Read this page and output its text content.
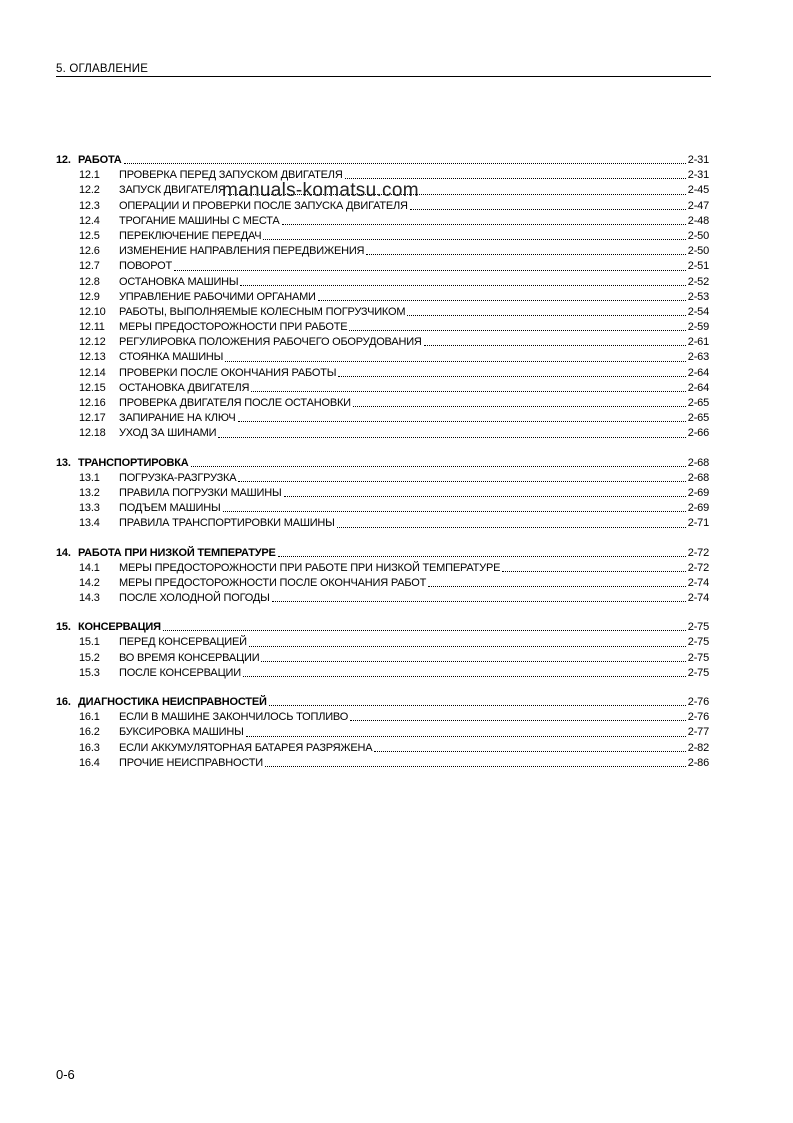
5. ОГЛАВЛЕНИЕ
12. РАБОТА	2-31
12.1	ПРОВЕРКА ПЕРЕД ЗАПУСКОМ ДВИГАТЕЛЯ	2-31
12.2	ЗАПУСК ДВИГАТЕЛЯ	2-45
12.3	ОПЕРАЦИИ И ПРОВЕРКИ ПОСЛЕ ЗАПУСКА ДВИГАТЕЛЯ	2-47
12.4	ТРОГАНИЕ МАШИНЫ С МЕСТА	2-48
12.5	ПЕРЕКЛЮЧЕНИЕ ПЕРЕДАЧ	2-50
12.6	ИЗМЕНЕНИЕ НАПРАВЛЕНИЯ ПЕРЕДВИЖЕНИЯ	2-50
12.7	ПОВОРОТ	2-51
12.8	ОСТАНОВКА МАШИНЫ	2-52
12.9	УПРАВЛЕНИЕ РАБОЧИМИ ОРГАНАМИ	2-53
12.10	РАБОТЫ, ВЫПОЛНЯЕМЫЕ КОЛЕСНЫМ ПОГРУЗЧИКОМ	2-54
12.11	МЕРЫ ПРЕДОСТОРОЖНОСТИ ПРИ РАБОТЕ	2-59
12.12	РЕГУЛИРОВКА ПОЛОЖЕНИЯ РАБОЧЕГО ОБОРУДОВАНИЯ	2-61
12.13	СТОЯНКА МАШИНЫ	2-63
12.14	ПРОВЕРКИ ПОСЛЕ ОКОНЧАНИЯ РАБОТЫ	2-64
12.15	ОСТАНОВКА ДВИГАТЕЛЯ	2-64
12.16	ПРОВЕРКА ДВИГАТЕЛЯ ПОСЛЕ ОСТАНОВКИ	2-65
12.17	ЗАПИРАНИЕ НА КЛЮЧ	2-65
12.18	УХОД ЗА ШИНАМИ	2-66
13. ТРАНСПОРТИРОВКА	2-68
13.1	ПОГРУЗКА-РАЗГРУЗКА	2-68
13.2	ПРАВИЛА ПОГРУЗКИ МАШИНЫ	2-69
13.3	ПОДЪЕМ МАШИНЫ	2-69
13.4	ПРАВИЛА ТРАНСПОРТИРОВКИ МАШИНЫ	2-71
14. РАБОТА ПРИ НИЗКОЙ ТЕМПЕРАТУРЕ	2-72
14.1	МЕРЫ ПРЕДОСТОРОЖНОСТИ ПРИ РАБОТЕ ПРИ НИЗКОЙ ТЕМПЕРАТУРЕ	2-72
14.2	МЕРЫ ПРЕДОСТОРОЖНОСТИ ПОСЛЕ ОКОНЧАНИЯ РАБОТ	2-74
14.3	ПОСЛЕ ХОЛОДНОЙ ПОГОДЫ	2-74
15. КОНСЕРВАЦИЯ	2-75
15.1	ПЕРЕД КОНСЕРВАЦИЕЙ	2-75
15.2	ВО ВРЕМЯ КОНСЕРВАЦИИ	2-75
15.3	ПОСЛЕ КОНСЕРВАЦИИ	2-75
16. ДИАГНОСТИКА НЕИСПРАВНОСТЕЙ	2-76
16.1	ЕСЛИ В МАШИНЕ ЗАКОНЧИЛОСЬ ТОПЛИВО	2-76
16.2	БУКСИРОВКА МАШИНЫ	2-77
16.3	ЕСЛИ АККУМУЛЯТОРНАЯ БАТАРЕЯ РАЗРЯЖЕНА	2-82
16.4	ПРОЧИЕ НЕИСПРАВНОСТИ	2-86
manuals-komatsu.com
0-6
